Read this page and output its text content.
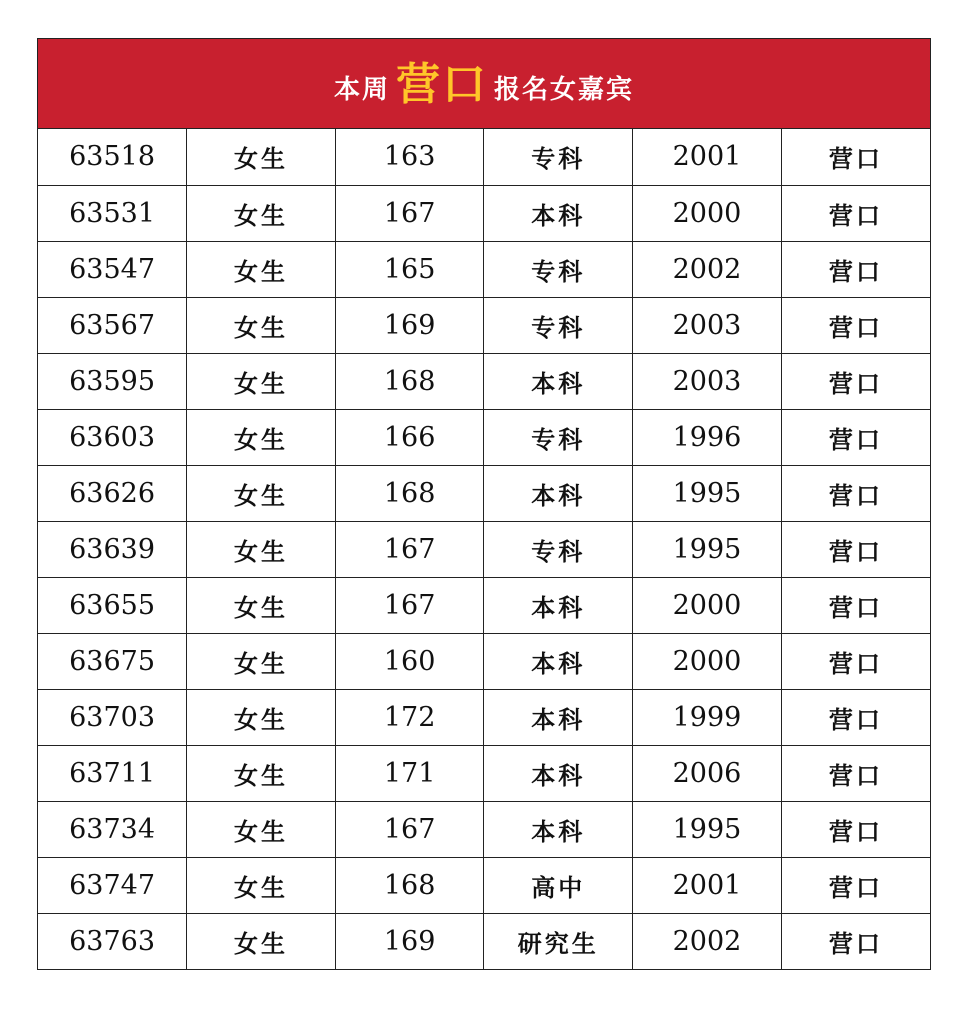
本周 营口 报名女嘉宾
63518	女生	163	专科	2001	营口
63531	女生	167	本科	2000	营口
63547	女生	165	专科	2002	营口
63567	女生	169	专科	2003	营口
63595	女生	168	本科	2003	营口
63603	女生	166	专科	1996	营口
63626	女生	168	本科	1995	营口
63639	女生	167	专科	1995	营口
63655	女生	167	本科	2000	营口
63675	女生	160	本科	2000	营口
63703	女生	172	本科	1999	营口
63711	女生	171	本科	2006	营口
63734	女生	167	本科	1995	营口
63747	女生	168	高中	2001	营口
63763	女生	169	研究生	2002	营口
